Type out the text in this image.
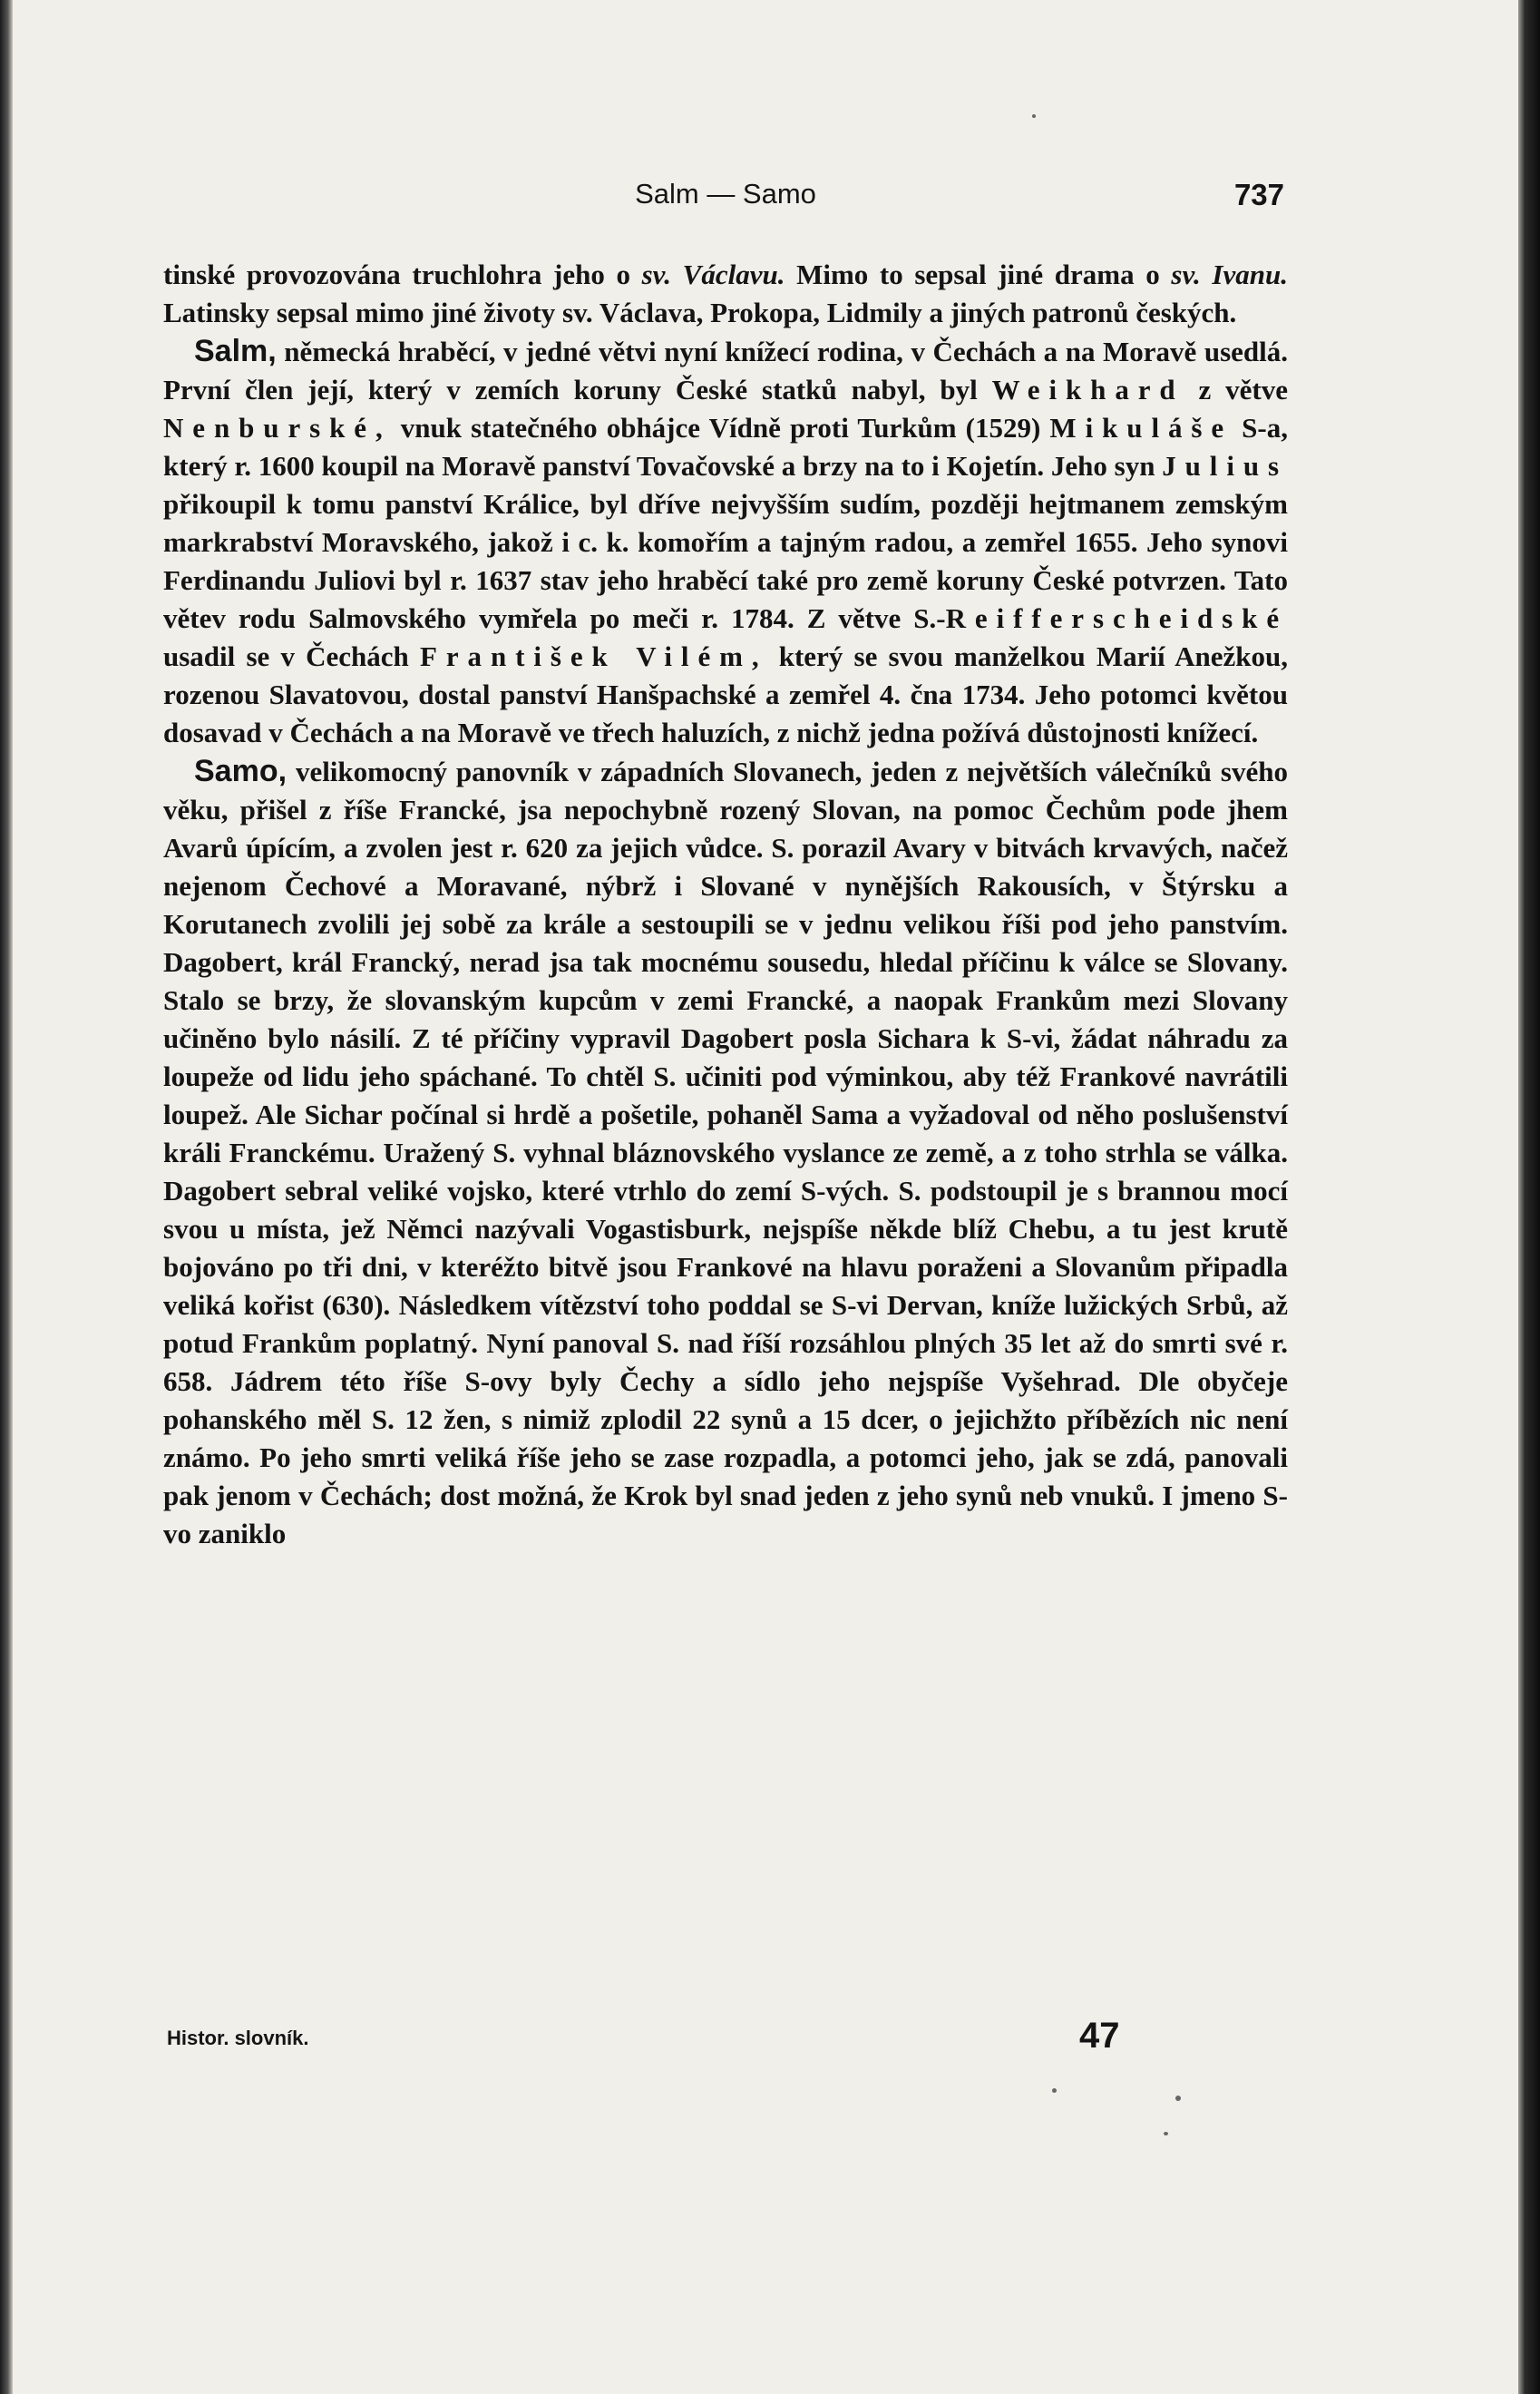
Salm — Samo	737

tinské provozována truchlohra jeho o sv. Václavu. Mimo to sepsal jiné drama o sv. Ivanu. Latinsky sepsal mimo jiné životy sv. Václava, Prokopa, Lidmily a jiných patronů českých.

Salm, německá hraběcí, v jedné větvi nyní knížecí rodina, v Čechách a na Moravě usedlá. První člen její, který v zemích koruny České statků nabyl, byl Weikhard z větve Nenburské, vnuk statečného obhájce Vídně proti Turkům (1529) Mikuláše S-a, který r. 1600 koupil na Moravě panství Tovačovské a brzy na to i Kojetín. Jeho syn Julius přikoupil k tomu panství Králice, byl dříve nejvyšším sudím, později hejtmanem zemským markrabství Moravského, jakož i c. k. komořím a tajným radou, a zemřel 1655. Jeho synovi Ferdinandu Juliovi byl r. 1637 stav jeho hraběcí také pro země koruny České potvrzen. Tato větev rodu Salmovského vymřela po meči r. 1784. Z větve S.-Reifferscheidské usadil se v Čechách František Vilém, který se svou manželkou Marií Anežkou, rozenou Slavatovou, dostal panství Hanšpachské a zemřel 4. čna 1734. Jeho potomci květou dosavad v Čechách a na Moravě ve třech haluzích, z nichž jedna požívá důstojnosti knížecí.

Samo, velikomocný panovník v západních Slovanech, jeden z největších válečníků svého věku, přišel z říše Francké, jsa nepochybně rozený Slovan, na pomoc Čechům pode jhem Avarů úpícím, a zvolen jest r. 620 za jejich vůdce. S. porazil Avary v bitvách krvavých, načež nejenom Čechové a Moravané, nýbrž i Slované v nynějších Rakousích, v Štýrsku a Korutanech zvolili jej sobě za krále a sestoupili se v jednu velikou říši pod jeho panstvím. Dagobert, král Francký, nerad jsa tak mocnému sousedu, hledal příčinu k válce se Slovany. Stalo se brzy, že slovanským kupcům v zemi Francké, a naopak Frankům mezi Slovany učiněno bylo násilí. Z té příčiny vypravil Dagobert posla Sichara k S-vi, žádat náhradu za loupeže od lidu jeho spáchané. To chtěl S. učiniti pod výminkou, aby též Frankové navrátili loupež. Ale Sichar počínal si hrdě a pošetile, pohaněl Sama a vyžadoval od něho poslušenství králi Franckému. Uražený S. vyhnal bláznovského vyslance ze země, a z toho strhla se válka. Dagobert sebral veliké vojsko, které vtrhlo do zemí S-vých. S. podstoupil je s brannou mocí svou u místa, jež Němci nazývali Vogastisburk, nejspíše někde blíž Chebu, a tu jest krutě bojováno po tři dni, v kteréžto bitvě jsou Frankové na hlavu poraženi a Slovanům připadla veliká kořist (630). Následkem vítězství toho poddal se S-vi Dervan, kníže lužických Srbů, až potud Frankům poplatný. Nyní panoval S. nad říší rozsáhlou plných 35 let až do smrti své r. 658. Jádrem této říše S-ovy byly Čechy a sídlo jeho nejspíše Vyšehrad. Dle obyčeje pohanského měl S. 12 žen, s nimiž zplodil 22 synů a 15 dcer, o jejichžto příbězích nic není známo. Po jeho smrti veliká říše jeho se zase rozpadla, a potomci jeho, jak se zdá, panovali pak jenom v Čechách; dost možná, že Krok byl snad jeden z jeho synů neb vnuků. I jmeno S-vo zaniklo

Histor. slovník.	47
